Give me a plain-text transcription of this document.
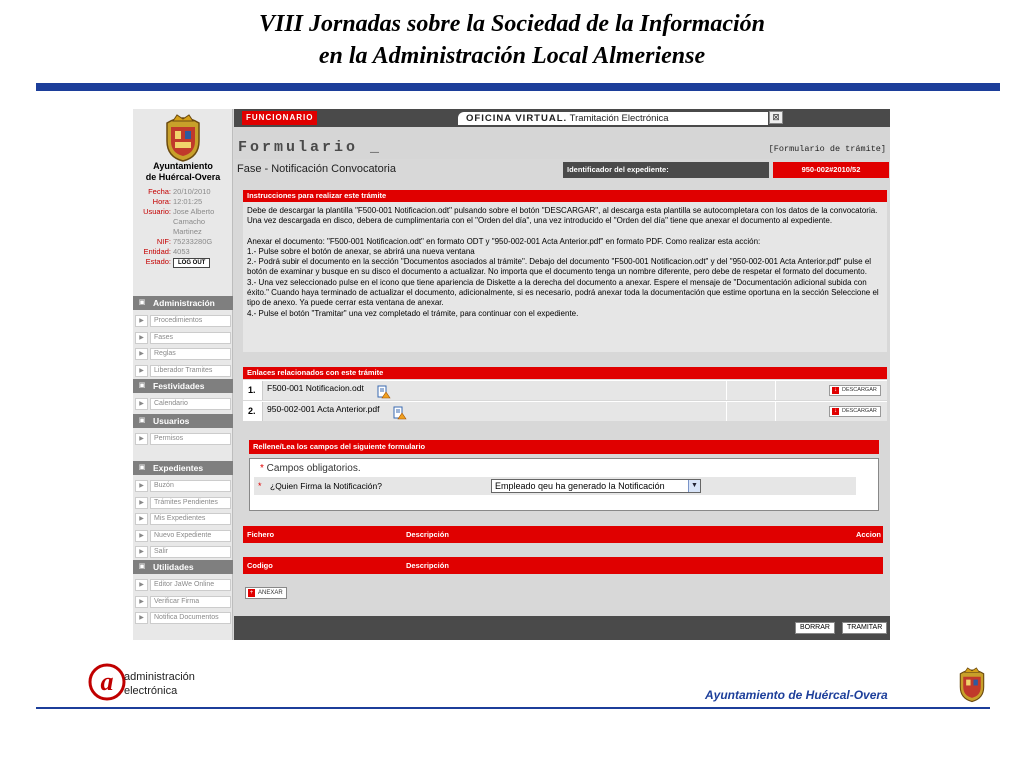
VIII Jornadas sobre la Sociedad de la Información
en la Administración Local Almeriense
Ayuntamiento
de Huércal-Overa
Fecha: 20/10/2010
Hora: 12:01:25
Usuario: Jose Alberto Camacho Martinez
NIF: 75233280G
Entidad: 4053
Estado:	LOG OUT
▣ Administración
▶	Procedimientos
▶	Fases
▶	Reglas
▶	Liberador Tramites
▣ Festividades
▶	Calendario
▣ Usuarios
▶	Permisos
▣ Expedientes
▶	Buzón
▶	Trámites Pendientes
▶	Mis Expedientes
▶	Nuevo Expediente
▶	Salir
▣ Utilidades
▶	Editor JaWe Online
▶	Verificar Firma
▶	Notifica Documentos
FUNCIONARIO	OFICINA VIRTUAL. Tramitación Electrónica	⊠
Formulario _	[Formulario de trámite]
Fase - Notificación Convocatoria	Identificador del expediente:	950-002#2010/52
Instrucciones para realizar este trámite

Debe de descargar la plantilla "F500-001 Notificacion.odt" pulsando sobre el botón "DESCARGAR", al descarga esta plantilla se autocompletara con los datos de la convocatoria. Una vez descargada en disco, debera de cumplimentaria con el "Orden del día", una vez introducido el "Orden del día" tiene que anexar el documento al expediente.

Anexar el documento: "F500-001 Notificacion.odt" en formato ODT y "950-002-001 Acta Anterior.pdf" en formato PDF. Como realizar esta acción:
1.- Pulse sobre el botón de anexar, se abrirá una nueva ventana
2.- Podrá subir el documento en la sección "Documentos asociados al trámite". Debajo del documento "F500-001 Notificacion.odt" y del "950-002-001 Acta Anterior.pdf" pulse el botón de examinar y busque en su disco el documento a actualizar. No importa que el documento tenga un nombre diferente, pero debe de respetar el formato del documento.
3.- Una vez seleccionado pulse en el icono que tiene apariencia de Diskette a la derecha del documento a anexar. Espere el mensaje de "Documentación adicional subida con éxito." Cuando haya terminado de actualizar el documento, adicionalmente, si es necesario, podrá anexar toda la documentación que estime oportuna en la sección Seleccione el tipo de anexo. Ya puede cerrar esta ventana de anexar.
4.- Pulse el botón "Tramitar" una vez completado el trámite, para continuar con el expediente.
Enlaces relacionados con este trámite
1.	F500-001 Notificacion.odt	↓ DESCARGAR
2.	950-002-001 Acta Anterior.pdf	↓ DESCARGAR
Rellene/Lea los campos del siguiente formulario
* Campos obligatorios.
* ¿Quien Firma la Notificación?	Empleado qeu ha generado la Notificación	▼
Fichero	Descripción	Accion
Codigo	Descripción
+ ANEXAR
BORRAR	TRAMITAR
a administración
electrónica	Ayuntamiento de Huércal-Overa
